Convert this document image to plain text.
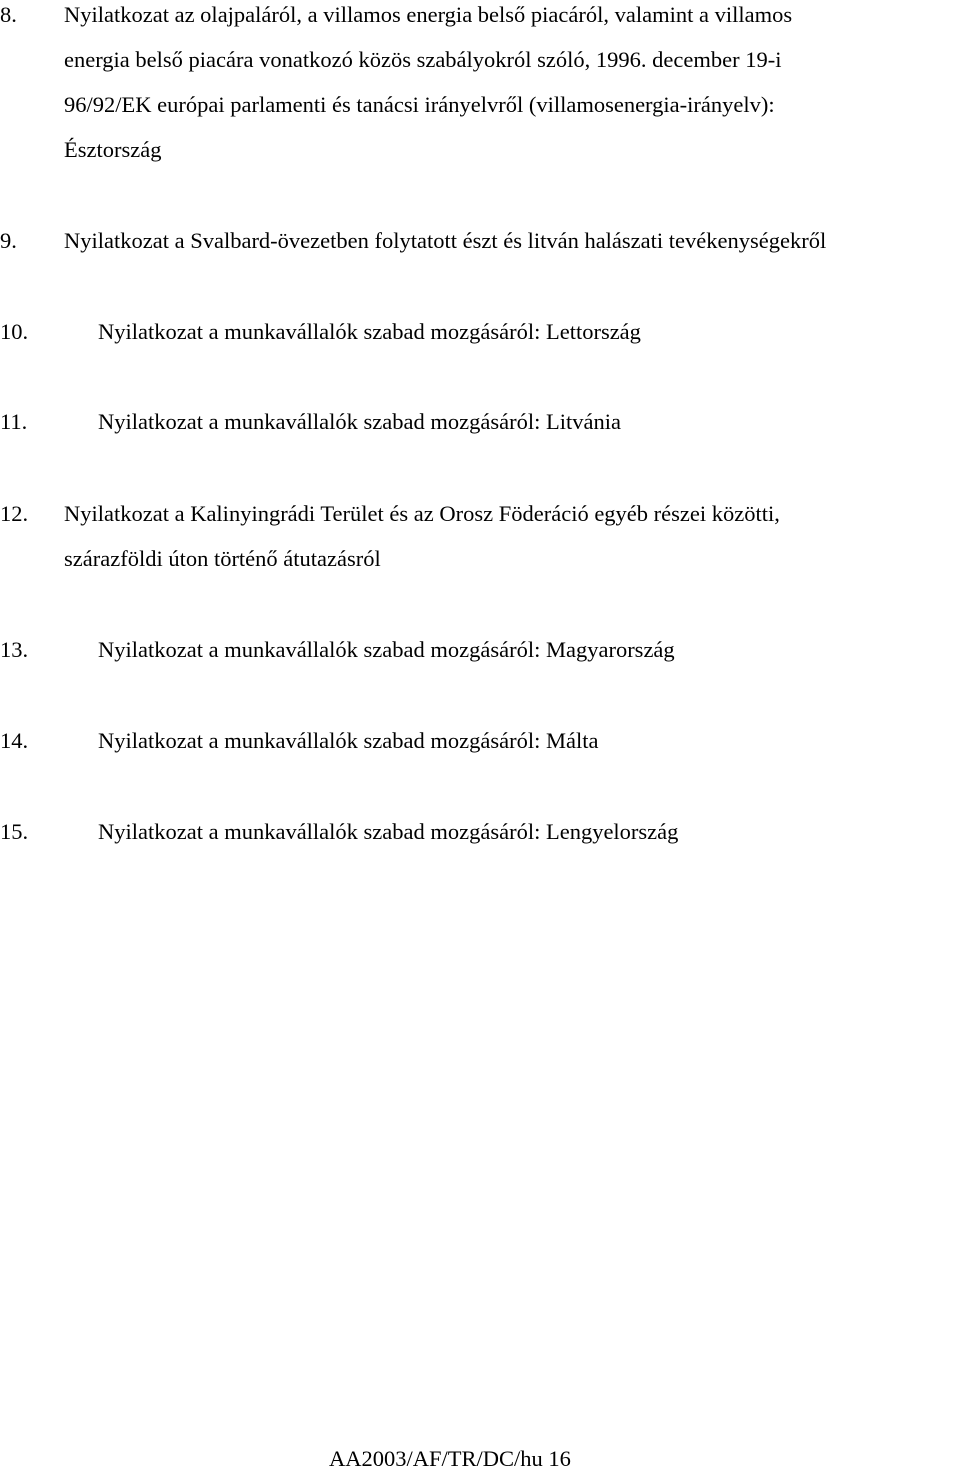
8. Nyilatkozat az olajpaláról, a villamos energia belső piacáról, valamint a villamos
energia belső piacára vonatkozó közös szabályokról szóló, 1996. december 19-i
96/92/EK európai parlamenti és tanácsi irányelvről (villamosenergia-irányelv):
Észtország
9. Nyilatkozat a Svalbard-övezetben folytatott észt és litván halászati tevékenységekről
10.	Nyilatkozat a munkavállalók szabad mozgásáról: Lettország
11.	Nyilatkozat a munkavállalók szabad mozgásáról: Litvánia
12. Nyilatkozat a Kalinyingrádi Terület és az Orosz Föderáció egyéb részei közötti,
szárazföldi úton történő átutazásról
13.	Nyilatkozat a munkavállalók szabad mozgásáról: Magyarország
14.	Nyilatkozat a munkavállalók szabad mozgásáról: Málta
15.	Nyilatkozat a munkavállalók szabad mozgásáról: Lengyelország
AA2003/AF/TR/DC/hu 16
